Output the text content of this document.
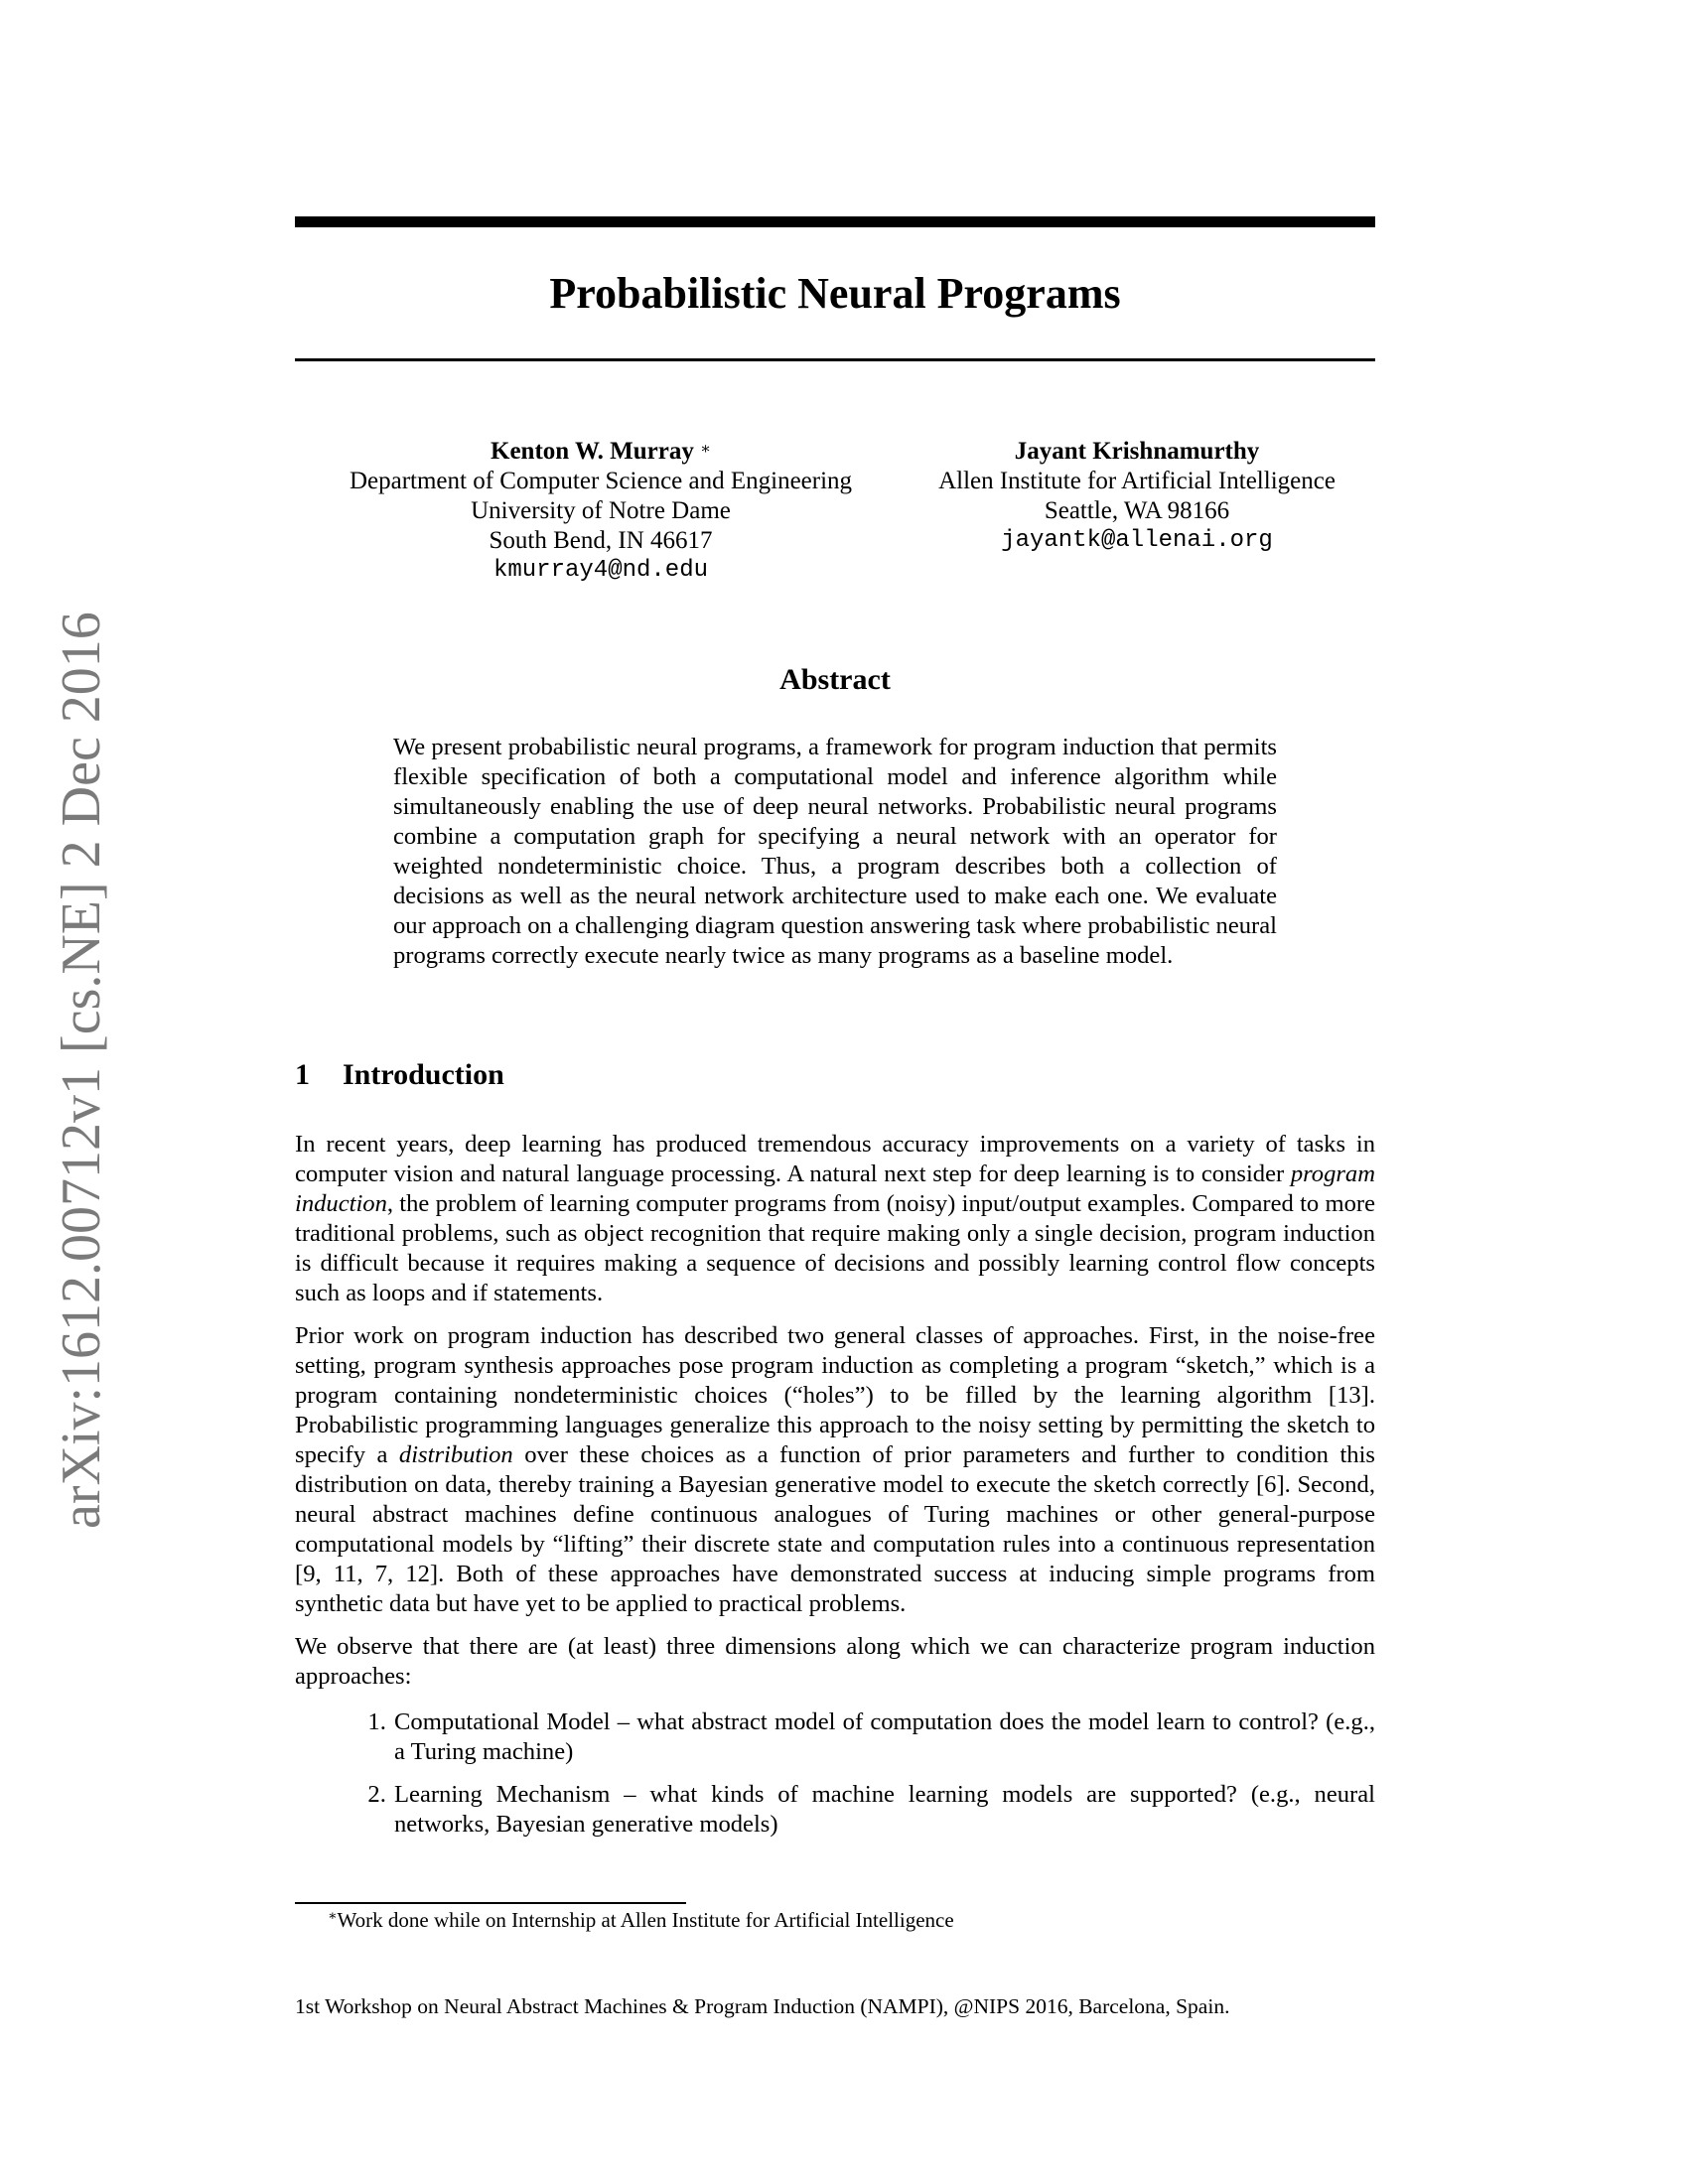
arXiv:1612.00712v1 [cs.NE] 2 Dec 2016
Probabilistic Neural Programs
Kenton W. Murray ∗
Department of Computer Science and Engineering
University of Notre Dame
South Bend, IN 46617
kmurray4@nd.edu
Jayant Krishnamurthy
Allen Institute for Artificial Intelligence
Seattle, WA 98166
jayantk@allenai.org
Abstract
We present probabilistic neural programs, a framework for program induction that permits flexible specification of both a computational model and inference algorithm while simultaneously enabling the use of deep neural networks. Probabilistic neural programs combine a computation graph for specifying a neural network with an operator for weighted nondeterministic choice. Thus, a program describes both a collection of decisions as well as the neural network architecture used to make each one. We evaluate our approach on a challenging diagram question answering task where probabilistic neural programs correctly execute nearly twice as many programs as a baseline model.
1 Introduction

In recent years, deep learning has produced tremendous accuracy improvements on a variety of tasks in computer vision and natural language processing. A natural next step for deep learning is to consider program induction, the problem of learning computer programs from (noisy) input/output examples. Compared to more traditional problems, such as object recognition that require making only a single decision, program induction is difficult because it requires making a sequence of decisions and possibly learning control flow concepts such as loops and if statements.

Prior work on program induction has described two general classes of approaches. First, in the noise-free setting, program synthesis approaches pose program induction as completing a program “sketch,” which is a program containing nondeterministic choices (“holes”) to be filled by the learning algorithm [13]. Probabilistic programming languages generalize this approach to the noisy setting by permitting the sketch to specify a distribution over these choices as a function of prior parameters and further to condition this distribution on data, thereby training a Bayesian generative model to execute the sketch correctly [6]. Second, neural abstract machines define continuous analogues of Turing machines or other general-purpose computational models by “lifting” their discrete state and computation rules into a continuous representation [9, 11, 7, 12]. Both of these approaches have demonstrated success at inducing simple programs from synthetic data but have yet to be applied to practical problems.

We observe that there are (at least) three dimensions along which we can characterize program induction approaches:

1. Computational Model – what abstract model of computation does the model learn to control? (e.g., a Turing machine)
2. Learning Mechanism – what kinds of machine learning models are supported? (e.g., neural networks, Bayesian generative models)
∗Work done while on Internship at Allen Institute for Artificial Intelligence
1st Workshop on Neural Abstract Machines & Program Induction (NAMPI), @NIPS 2016, Barcelona, Spain.
